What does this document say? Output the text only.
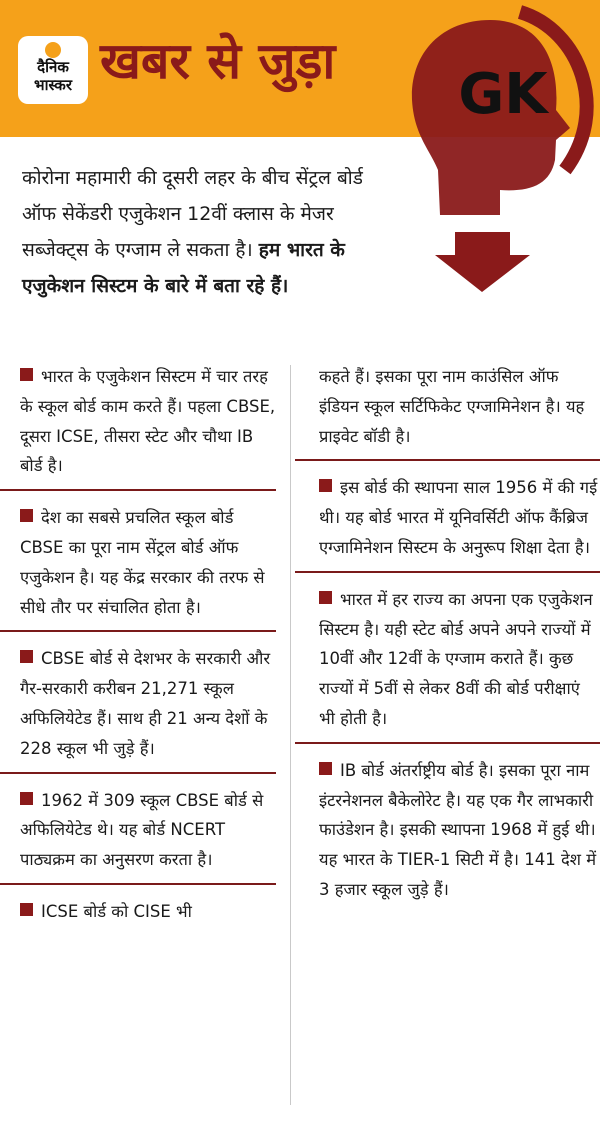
दैनिक
भास्कर खबर से जुड़ा
GK
कोरोना महामारी की दूसरी लहर के बीच सेंट्रल बोर्ड ऑफ सेकेंडरी एजुकेशन 12वीं क्लास के मेजर सब्जेक्ट्स के एग्जाम ले सकता है। हम भारत के एजुकेशन सिस्टम के बारे में बता रहे हैं।
भारत के एजुकेशन सिस्टम में चार तरह के स्कूल बोर्ड काम करते हैं। पहला CBSE, दूसरा ICSE, तीसरा स्टेट और चौथा IB बोर्ड है।
देश का सबसे प्रचलित स्कूल बोर्ड CBSE का पूरा नाम सेंट्रल बोर्ड ऑफ एजुकेशन है। यह केंद्र सरकार की तरफ से सीधे तौर पर संचालित होता है।
CBSE बोर्ड से देशभर के सरकारी और गैर-सरकारी करीबन 21,271 स्कूल अफिलियेटेड हैं। साथ ही 21 अन्य देशों के 228 स्कूल भी जुड़े हैं।
1962 में 309 स्कूल CBSE बोर्ड से अफिलियेटेड थे। यह बोर्ड NCERT पाठ्यक्रम का अनुसरण करता है।
ICSE बोर्ड को CISE भी
कहते हैं। इसका पूरा नाम काउंसिल ऑफ इंडियन स्कूल सर्टिफिकेट एग्जामिनेशन है। यह प्राइवेट बॉडी है।
इस बोर्ड की स्थापना साल 1956 में की गई थी। यह बोर्ड भारत में यूनिवर्सिटी ऑफ कैंब्रिज एग्जामिनेशन सिस्टम के अनुरूप शिक्षा देता है।
भारत में हर राज्य का अपना एक एजुकेशन सिस्टम है। यही स्टेट बोर्ड अपने अपने राज्यों में 10वीं और 12वीं के एग्जाम कराते हैं। कुछ राज्यों में 5वीं से लेकर 8वीं की बोर्ड परीक्षाएं भी होती है।
IB बोर्ड अंतर्राष्ट्रीय बोर्ड है। इसका पूरा नाम इंटरनेशनल बैकेलोरेट है। यह एक गैर लाभकारी फाउंडेशन है। इसकी स्थापना 1968 में हुई थी। यह भारत के TIER-1 सिटी में है। 141 देश में 3 हजार स्कूल जुड़े हैं।
